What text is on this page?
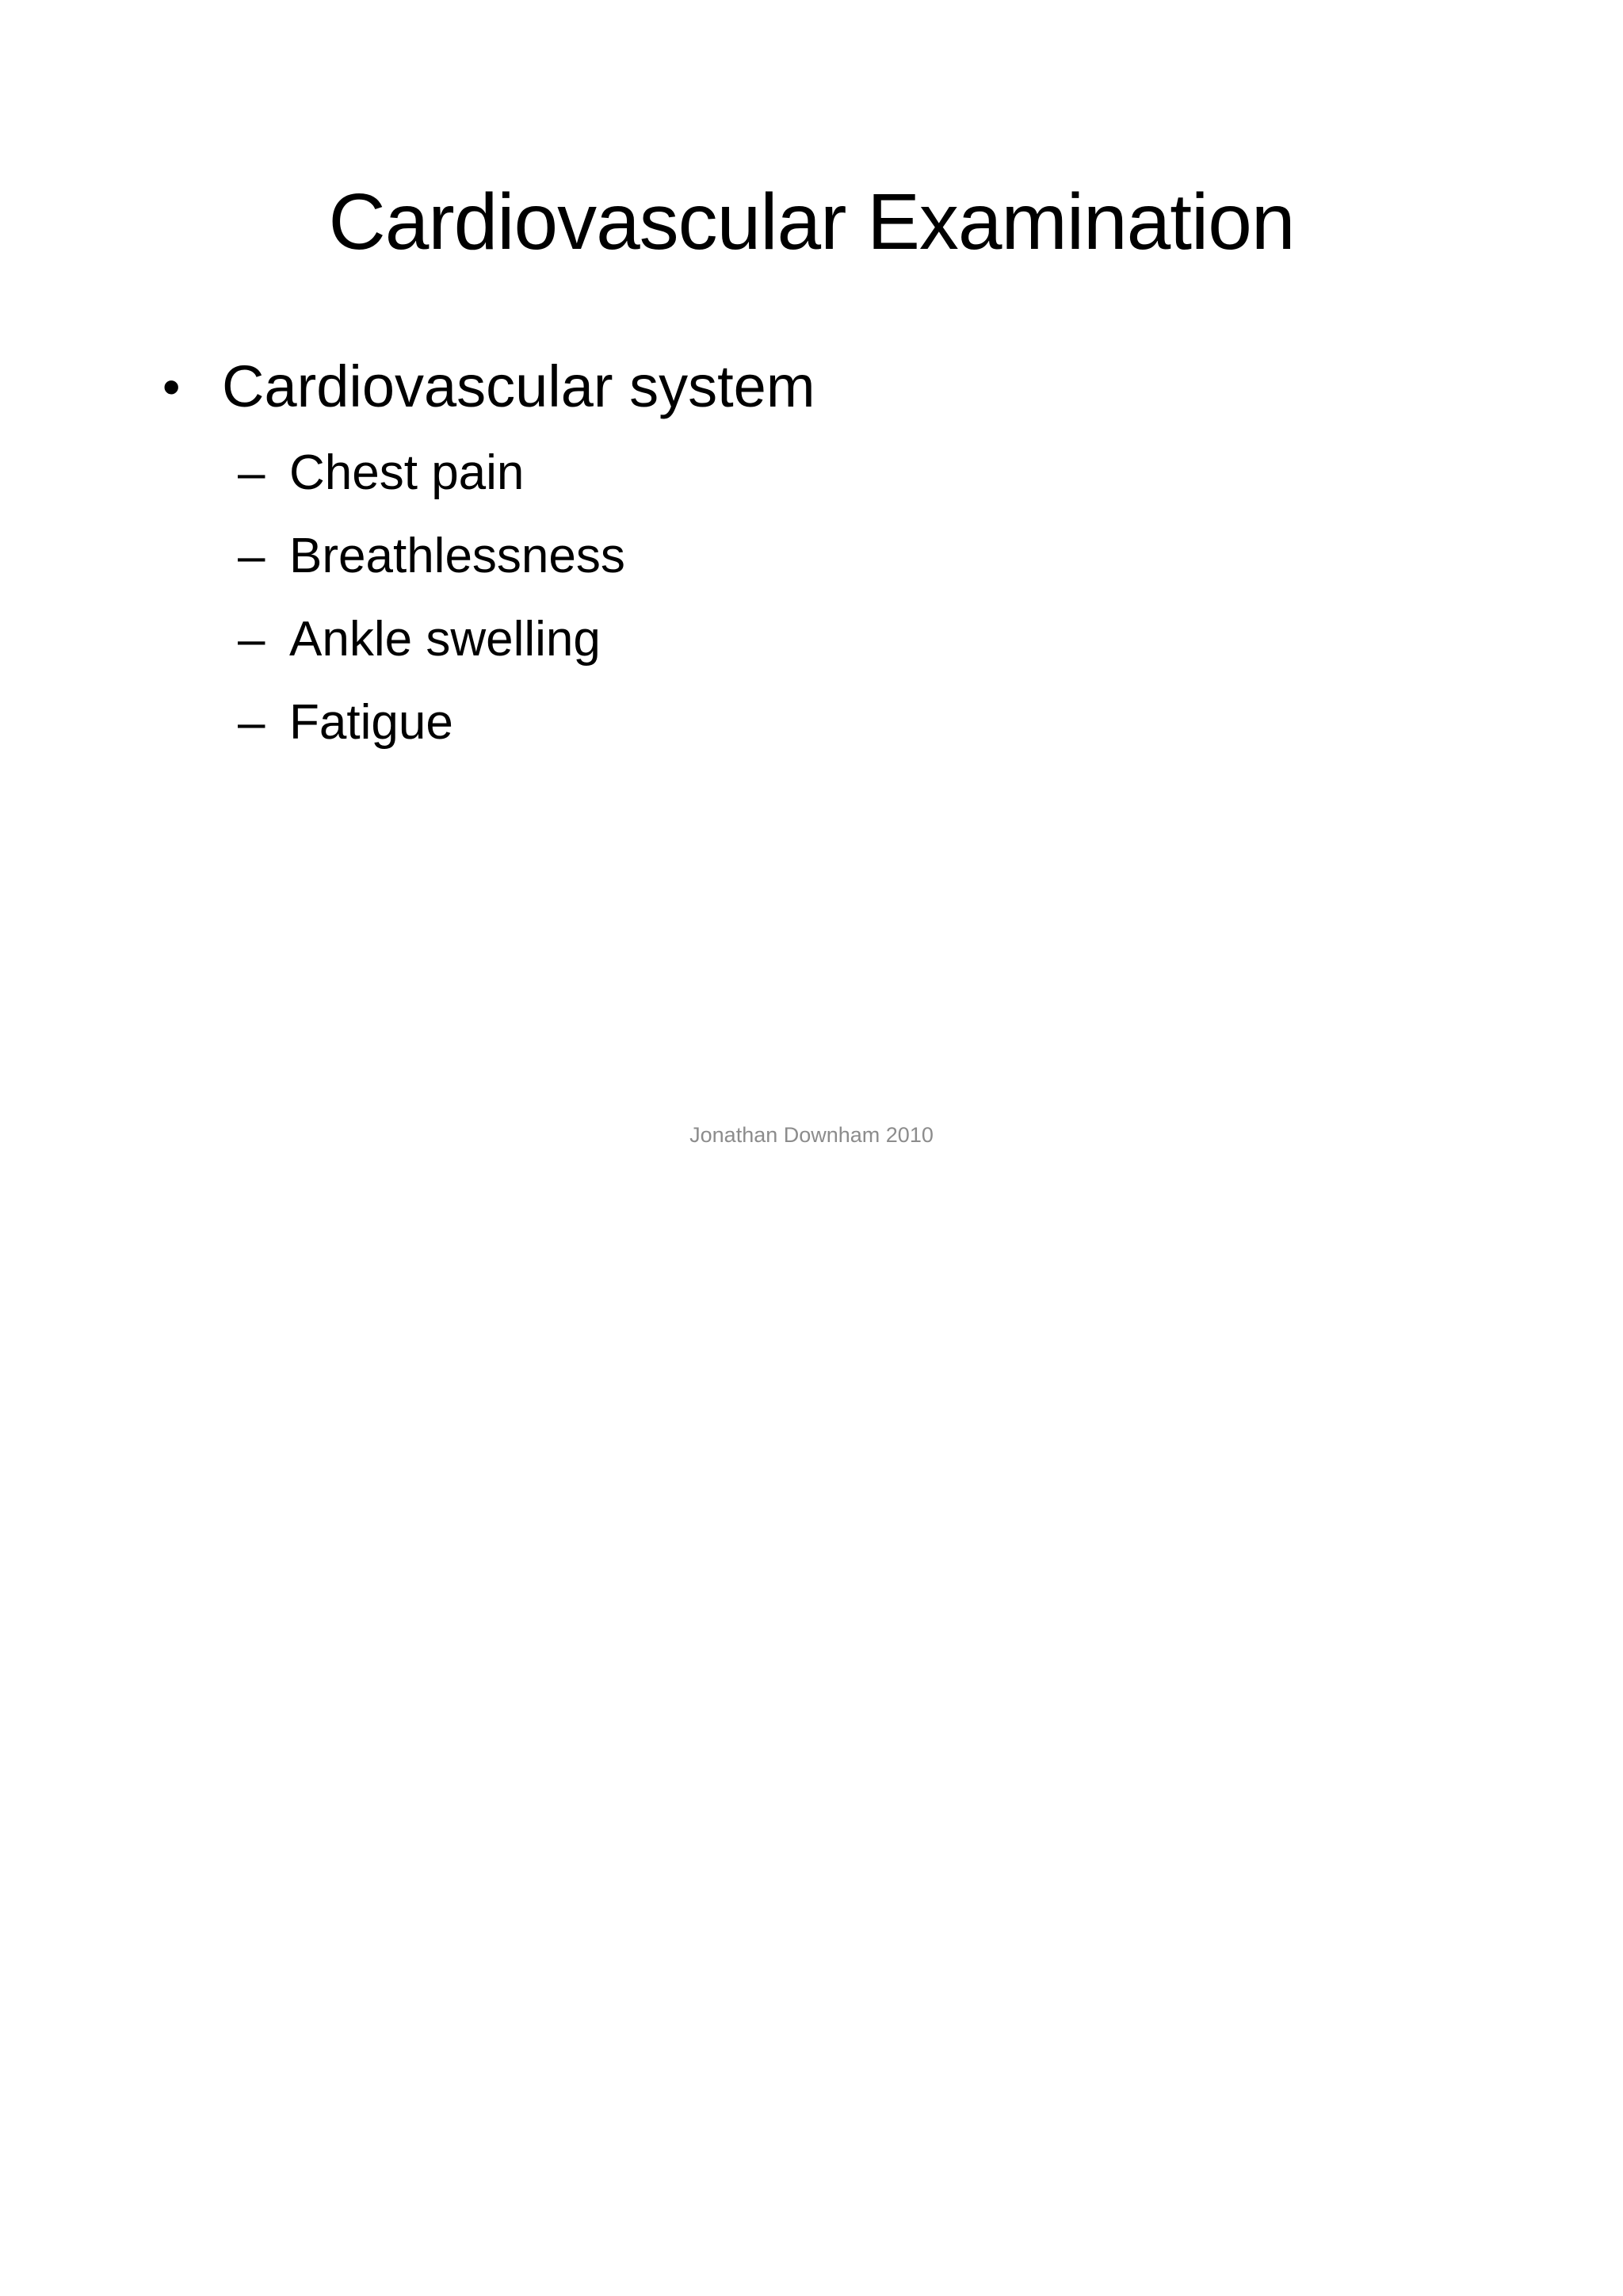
Cardiovascular Examination
• Cardiovascular system
– Chest pain
– Breathlessness
– Ankle swelling
– Fatigue
Jonathan Downham 2010
